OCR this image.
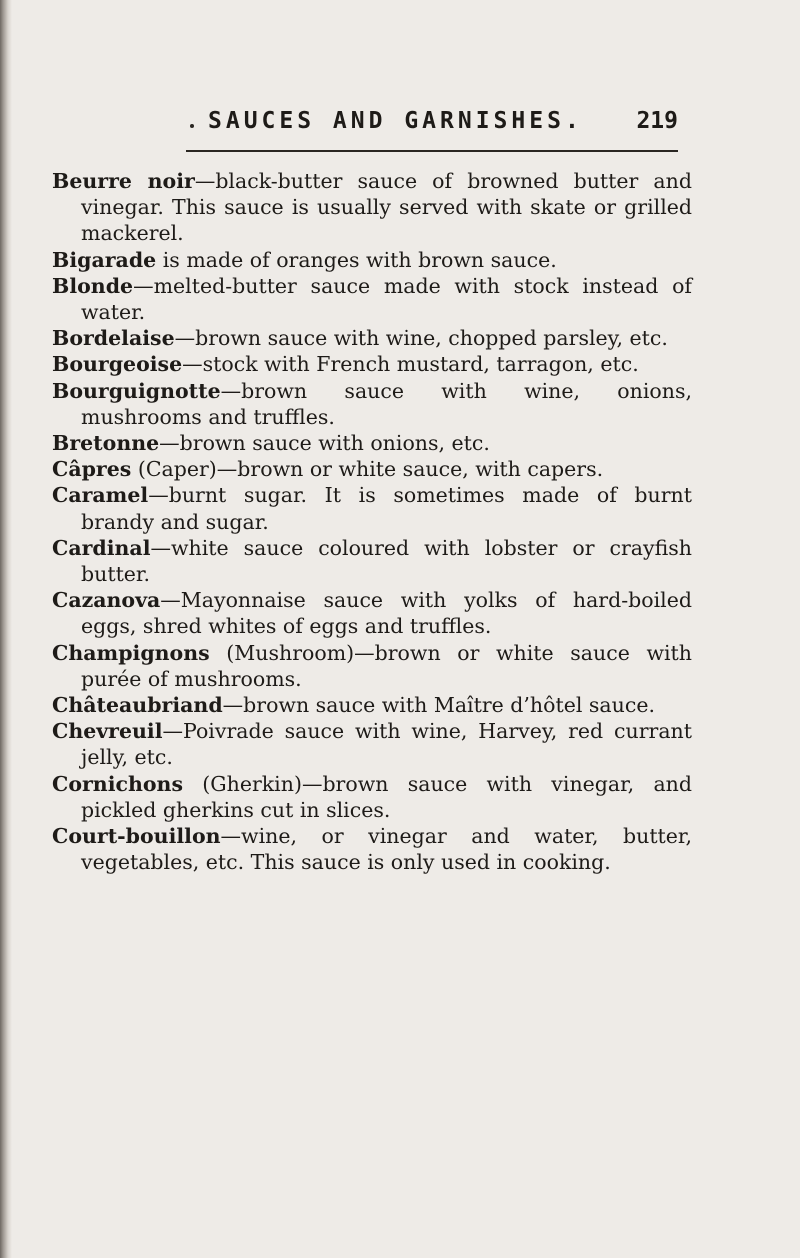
SAUCES AND GARNISHES. 219

Beurre noir—black-butter sauce of browned butter and vinegar. This sauce is usually served with skate or grilled mackerel.

Bigarade is made of oranges with brown sauce.

Blonde—melted-butter sauce made with stock instead of water.

Bordelaise—brown sauce with wine, chopped parsley, etc.

Bourgeoise—stock with French mustard, tarragon, etc.

Bourguignotte—brown sauce with wine, onions, mushrooms and truffles.

Bretonne—brown sauce with onions, etc.

Câpres (Caper)—brown or white sauce, with capers.

Caramel—burnt sugar. It is sometimes made of burnt brandy and sugar.

Cardinal—white sauce coloured with lobster or crayfish butter.

Cazanova—Mayonnaise sauce with yolks of hard-boiled eggs, shred whites of eggs and truffles.

Champignons (Mushroom)—brown or white sauce with purée of mushrooms.

Châteaubriand—brown sauce with Maître d’hôtel sauce.

Chevreuil—Poivrade sauce with wine, Harvey, red currant jelly, etc.

Cornichons (Gherkin)—brown sauce with vinegar, and pickled gherkins cut in slices.

Court-bouillon—wine, or vinegar and water, butter, vegetables, etc. This sauce is only used in cooking.
